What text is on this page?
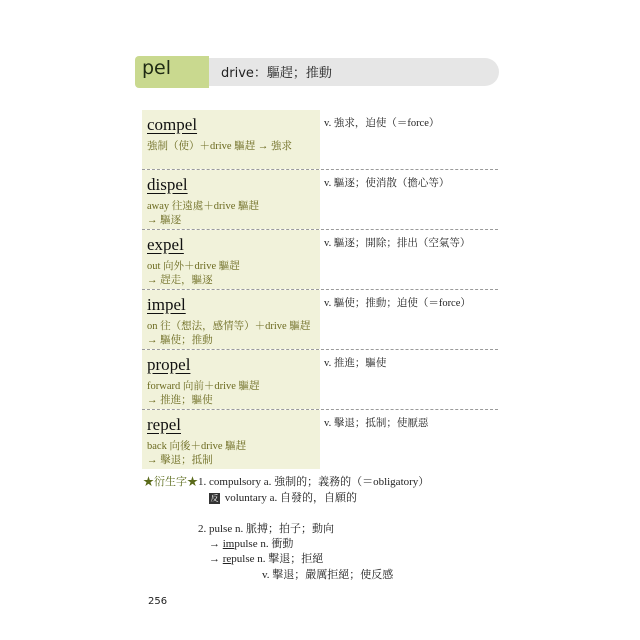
pel	drive：驅趕；推動
compel
強制（使）＋drive 驅趕 → 強求
v. 強求，迫使（＝force）
dispel
away 往遠處＋drive 驅趕
→ 驅逐
v. 驅逐；使消散（擔心等）
expel
out 向外＋drive 驅趕
→ 趕走，驅逐
v. 驅逐；開除；排出（空氣等）
impel
on 往（想法，感情等）＋drive 驅趕
→ 驅使；推動
v. 驅使；推動；迫使（＝force）
propel
forward 向前＋drive 驅趕
→ 推進；驅使
v. 推進；驅使
repel
back 向後＋drive 驅趕
→ 擊退；抵制
v. 擊退；抵制；使厭惡
★衍生字★ 1. compulsory a. 強制的；義務的（＝obligatory）
反 voluntary a. 自發的，自願的
2. pulse n. 脈搏；拍子；動向
→ impulse n. 衝動
→ repulse n. 擊退；拒絕
v. 擊退；嚴厲拒絕；使反感
256
